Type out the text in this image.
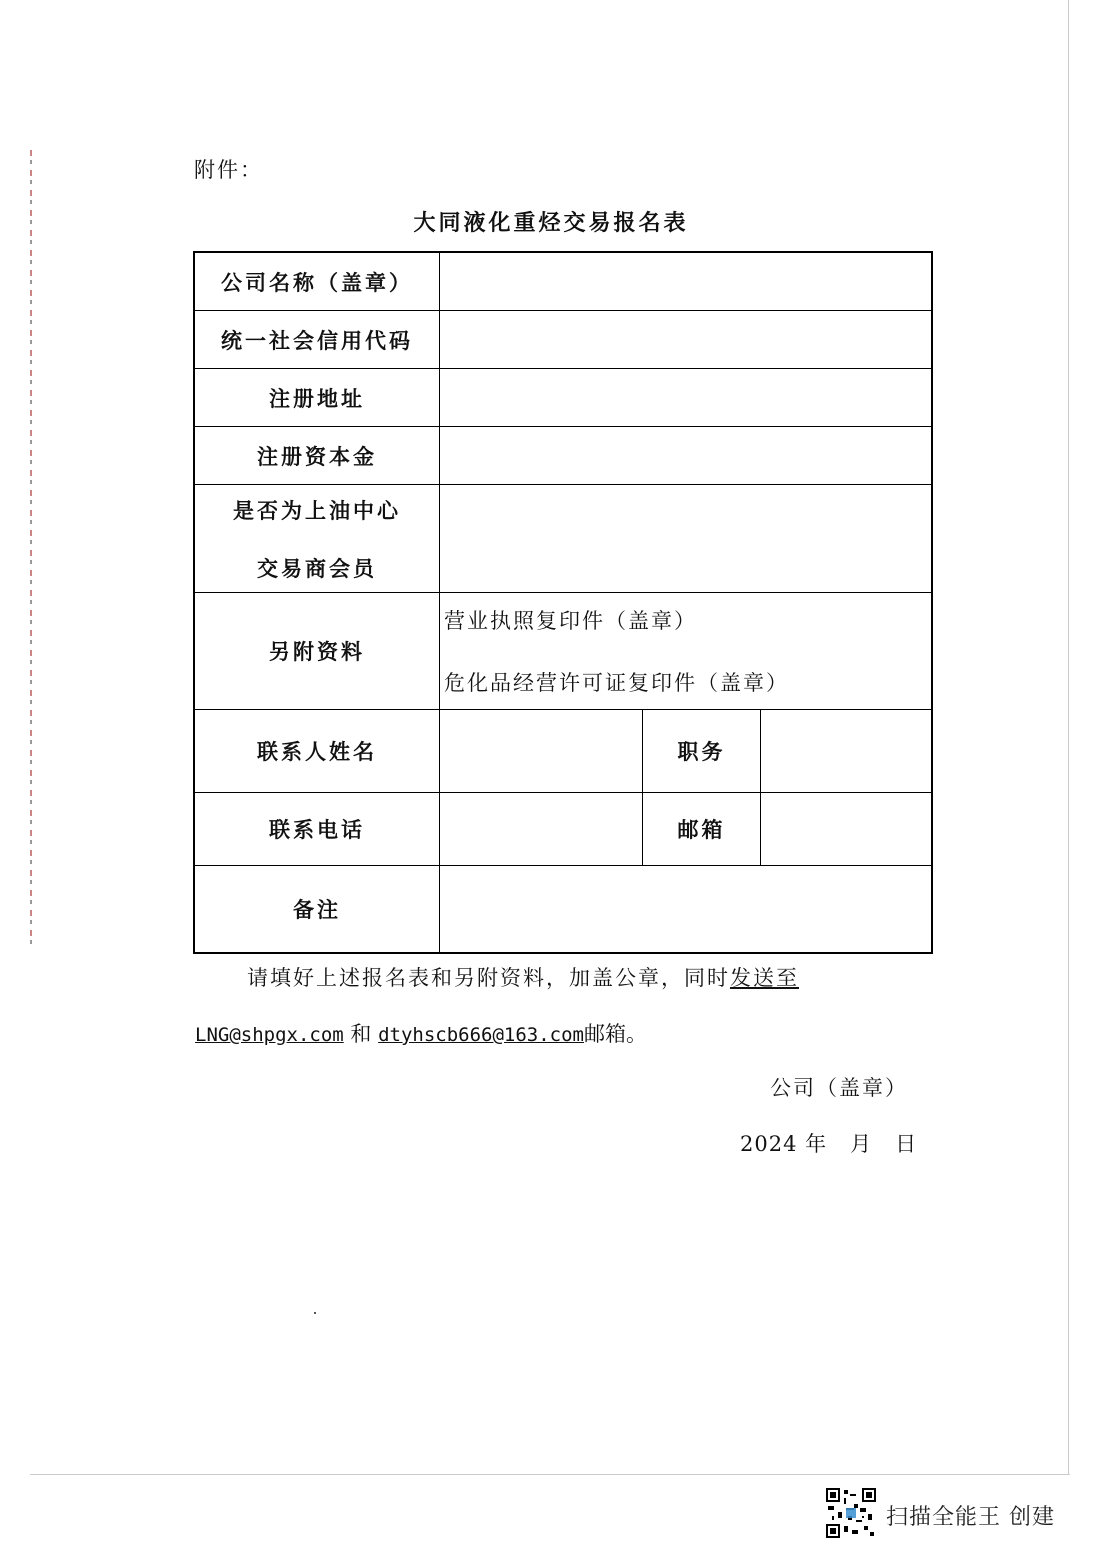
附件：
大同液化重烃交易报名表
公司名称（盖章）
统一社会信用代码
注册地址
注册资本金
是否为上油中心
交易商会员
另附资料
营业执照复印件（盖章）
危化品经营许可证复印件（盖章）
联系人姓名	职务
联系电话	邮箱
备注
请填好上述报名表和另附资料，加盖公章，同时发送至
LNG@shpgx.com 和 dtyhscb666@163.com邮箱。
公司（盖章）
2024 年   月   日
扫描全能王 创建
